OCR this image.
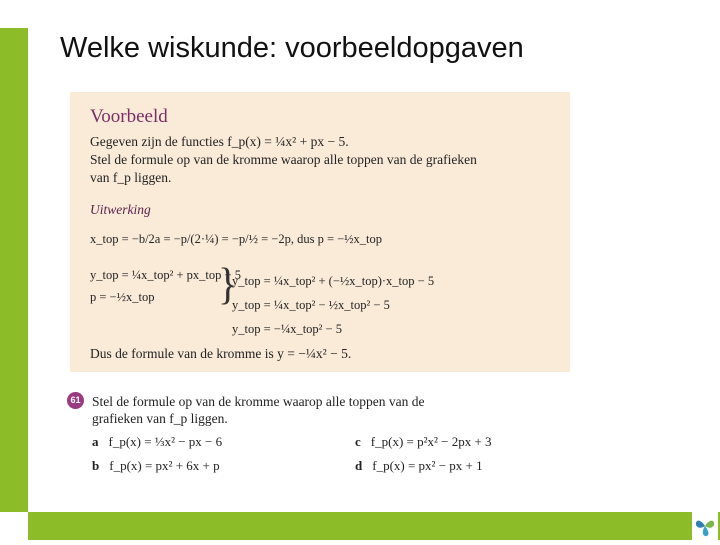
Welke wiskunde: voorbeeldopgaven
Voorbeeld
Gegeven zijn de functies f_p(x) = ¼x² + px − 5.
Stel de formule op van de kromme waarop alle toppen van de grafieken
van f_p liggen.
Uitwerking
x_top = −b/2a = −p/(2·¼) = −p/½ = −2p, dus p = −½x_top
y_top = ¼x_top² + px_top − 5
p = −½x_top }
y_top = ¼x_top² + (−½x_top)·x_top − 5
y_top = ¼x_top² − ½x_top² − 5
y_top = −¼x_top² − 5
Dus de formule van de kromme is y = −¼x² − 5.
61 Stel de formule op van de kromme waarop alle toppen van de
grafieken van f_p liggen.
a f_p(x) = ⅓x² − px − 6
b f_p(x) = px² + 6x + p
c f_p(x) = p²x² − 2px + 3
d f_p(x) = px² − px + 1
